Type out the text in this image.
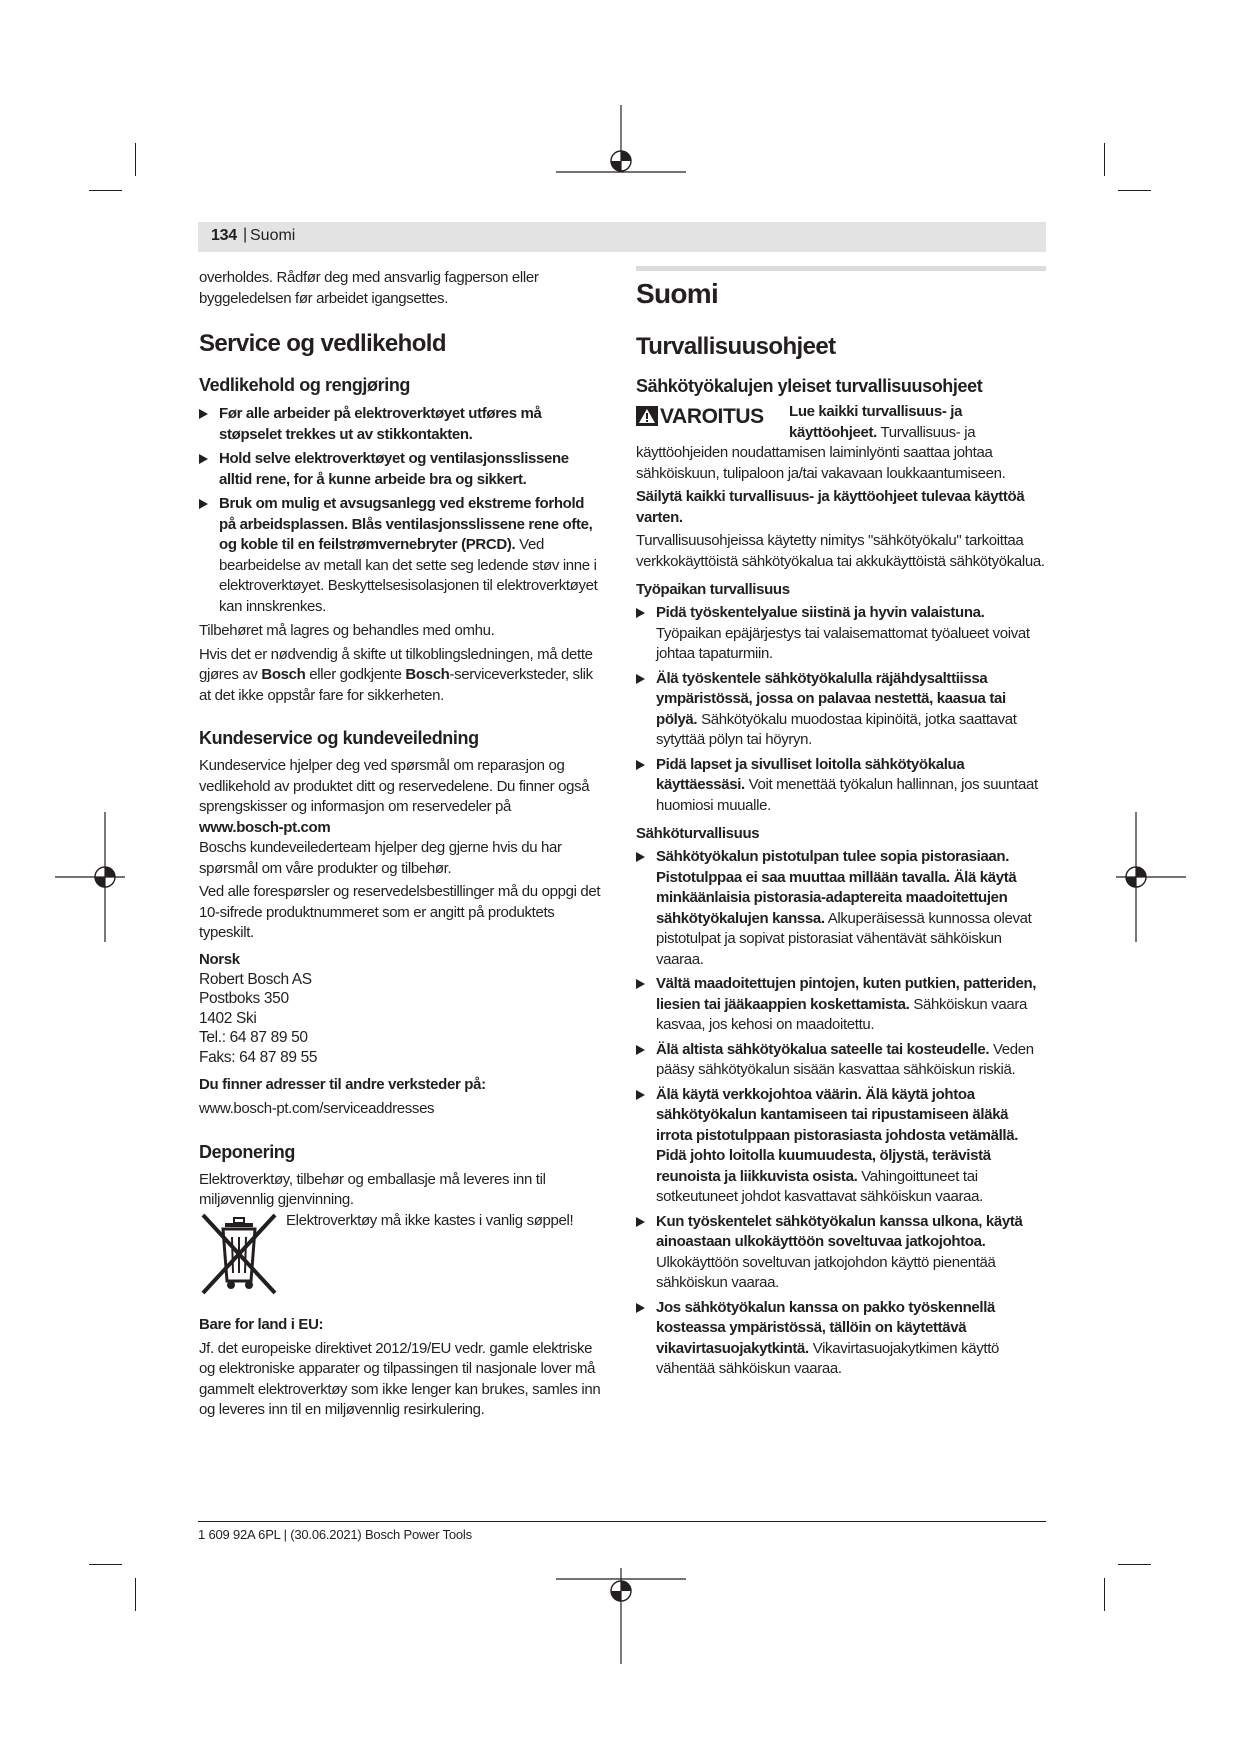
134 | Suomi

overholdes. Rådfør deg med ansvarlig fagperson eller byggeledelsen før arbeidet igangsettes.

Service og vedlikehold
Vedlikehold og rengjøring
Før alle arbeider på elektroverktøyet utføres må støpselet trekkes ut av stikkontakten.
Hold selve elektroverktøyet og ventilasjonsslissene alltid rene, for å kunne arbeide bra og sikkert.
Bruk om mulig et avsugsanlegg ved ekstreme forhold på arbeidsplassen. Blås ventilasjonsslissene rene ofte, og koble til en feilstrømvernebryter (PRCD). Ved bearbeidelse av metall kan det sette seg ledende støv inne i elektroverktøyet. Beskyttelsesisolasjonen til elektroverktøyet kan innskrenkes.

Tilbehøret må lagres og behandles med omhu.

Hvis det er nødvendig å skifte ut tilkoblingsledningen, må dette gjøres av Bosch eller godkjente Bosch-serviceverksteder, slik at det ikke oppstår fare for sikkerheten.

Kundeservice og kundeveiledning

Kundeservice hjelper deg ved spørsmål om reparasjon og vedlikehold av produktet ditt og reservedelene. Du finner også sprengskisser og informasjon om reservedeler på

www.bosch-pt.com

Boschs kundeveilederteam hjelper deg gjerne hvis du har spørsmål om våre produkter og tilbehør.

Ved alle forespørsler og reservedelsbestillinger må du oppgi det 10-sifrede produktnummeret som er angitt på produktets typeskilt.

Norsk
Robert Bosch AS
Postboks 350
1402 Ski
Tel.: 64 87 89 50
Faks: 64 87 89 55
Du finner adresser til andre verksteder på:

www.bosch-pt.com/serviceaddresses

Deponering

Elektroverktøy, tilbehør og emballasje må leveres inn til miljøvennlig gjenvinning.

Elektroverktøy må ikke kastes i vanlig søppel!
Bare for land i EU:

Jf. det europeiske direktivet 2012/19/EU vedr. gamle elektriske og elektroniske apparater og tilpassingen til nasjonale lover må gammelt elektroverktøy som ikke lenger kan brukes, samles inn og leveres inn til en miljøvennlig resirkulering.

Suomi
Turvallisuusohjeet
Sähkötyökalujen yleiset turvallisuusohjeet
VAROITUS	Lue kaikki turvallisuus- ja käyttöohjeet. Turvallisuus- ja käyttöohjeiden noudattamisen laiminlyönti saattaa johtaa sähköiskuun, tulipaloon ja/tai vakavaan loukkaantumiseen.

Säilytä kaikki turvallisuus- ja käyttöohjeet tulevaa käyttöä varten.

Turvallisuusohjeissa käytetty nimitys "sähkötyökalu" tarkoittaa verkkokäyttöistä sähkötyökalua tai akkukäyttöistä sähkötyökalua.

Työpaikan turvallisuus
Pidä työskentelyalue siistinä ja hyvin valaistuna. Työpaikan epäjärjestys tai valaisemattomat työalueet voivat johtaa tapaturmiin.
Älä työskentele sähkötyökalulla räjähdysalttiissa ympäristössä, jossa on palavaa nestettä, kaasua tai pölyä. Sähkötyökalu muodostaa kipinöitä, jotka saattavat sytyttää pölyn tai höyryn.
Pidä lapset ja sivulliset loitolla sähkötyökalua käyttäessäsi. Voit menettää työkalun hallinnan, jos suuntaat huomiosi muualle.
Sähköturvallisuus
Sähkötyökalun pistotulpan tulee sopia pistorasiaan. Pistotulppaa ei saa muuttaa millään tavalla. Älä käytä minkäänlaisia pistorasia-adaptereita maadoitettujen sähkötyökalujen kanssa. Alkuperäisessä kunnossa olevat pistotulpat ja sopivat pistorasiat vähentävät sähköiskun vaaraa.
Vältä maadoitettujen pintojen, kuten putkien, patteriden, liesien tai jääkaappien koskettamista. Sähköiskun vaara kasvaa, jos kehosi on maadoitettu.
Älä altista sähkötyökalua sateelle tai kosteudelle. Veden pääsy sähkötyökalun sisään kasvattaa sähköiskun riskiä.
Älä käytä verkkojohtoa väärin. Älä käytä johtoa sähkötyökalun kantamiseen tai ripustamiseen äläkä irrota pistotulppaan pistorasiasta johdosta vetämällä. Pidä johto loitolla kuumuudesta, öljystä, terävistä reunoista ja liikkuvista osista. Vahingoittuneet tai sotkeutuneet johdot kasvattavat sähköiskun vaaraa.
Kun työskentelet sähkötyökalun kanssa ulkona, käytä ainoastaan ulkokäyttöön soveltuvaa jatkojohtoa. Ulkokäyttöön soveltuvan jatkojohdon käyttö pienentää sähköiskun vaaraa.
Jos sähkötyökalun kanssa on pakko työskennellä kosteassa ympäristössä, tällöin on käytettävä vikavirtasuojakytkintä. Vikavirtasuojakytkimen käyttö vähentää sähköiskun vaaraa.
1 609 92A 6PL | (30.06.2021) Bosch Power Tools
